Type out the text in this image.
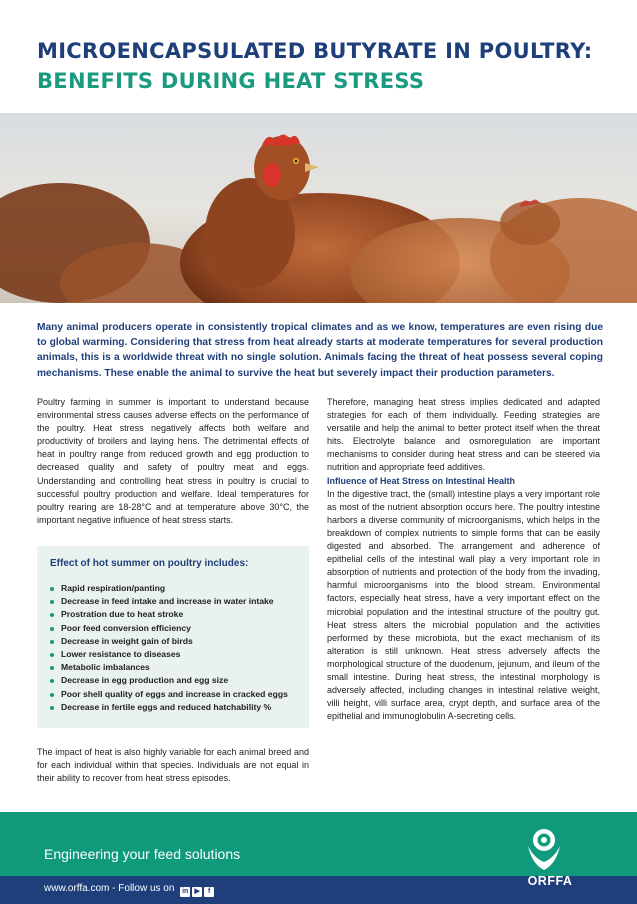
MICROENCAPSULATED BUTYRATE IN POULTRY:
BENEFITS DURING HEAT STRESS
Many animal producers operate in consistently tropical climates and as we know, temperatures are even rising due to global warming. Considering that stress from heat already starts at moderate temperatures for several production animals, this is a worldwide threat with no single solution. Animals facing the threat of heat possess several coping mechanisms. These enable the animal to survive the heat but severely impact their production parameters.

Poultry farming in summer is important to understand because environmental stress causes adverse effects on the performance of the poultry. Heat stress negatively affects both welfare and productivity of broilers and laying hens. The detrimental effects of heat in poultry range from reduced growth and egg production to decreased quality and safety of poultry meat and eggs. Understanding and controlling heat stress in poultry is crucial to successful poultry production and welfare. Ideal temperatures for poultry rearing are 18-28°C and at temperature above 30°C, the important negative influence of heat stress starts.

Effect of hot summer on poultry includes:
Rapid respiration/panting
Decrease in feed intake and increase in water intake
Prostration due to heat stroke
Poor feed conversion efficiency
Decrease in weight gain of birds
Lower resistance to diseases
Metabolic imbalances
Decrease in egg production and egg size
Poor shell quality of eggs and increase in cracked eggs
Decrease in fertile eggs and reduced hatchability %
The impact of heat is also highly variable for each animal breed and for each individual within that species. Individuals are not equal in their ability to recover from heat stress episodes.

Therefore, managing heat stress implies dedicated and adapted strategies for each of them individually. Feeding strategies are versatile and help the animal to better protect itself when the threat hits. Electrolyte balance and osmoregulation are important mechanisms to consider during heat stress and can be steered via nutrition and appropriate feed additives.

Influence of Heat Stress on Intestinal Health

In the digestive tract, the (small) intestine plays a very important role as most of the nutrient absorption occurs here. The poultry intestine harbors a diverse community of microorganisms, which helps in the breakdown of complex nutrients to simple forms that can be easily digested and absorbed. The arrangement and adherence of epithelial cells of the intestinal wall play a very important role in absorption of nutrients and protection of the body from the invading, harmful microorganisms into the blood stream. Environmental factors, especially heat stress, have a very important effect on the microbial population and the intestinal structure of the poultry gut. Heat stress alters the microbial population and the activities performed by these microbiota, but the exact mechanism of its alteration is still unknown. Heat stress adversely affects the morphological structure of the duodenum, jejunum, and ileum of the small intestine. During heat stress, the intestinal morphology is adversely affected, including changes in intestinal relative weight, villi height, villi surface area, crypt depth, and surface area of the epithelial and immunoglobulin A-secreting cells.

Engineering your feed solutions
www.orffa.com - Follow us on in ▶ f
ORFFA
